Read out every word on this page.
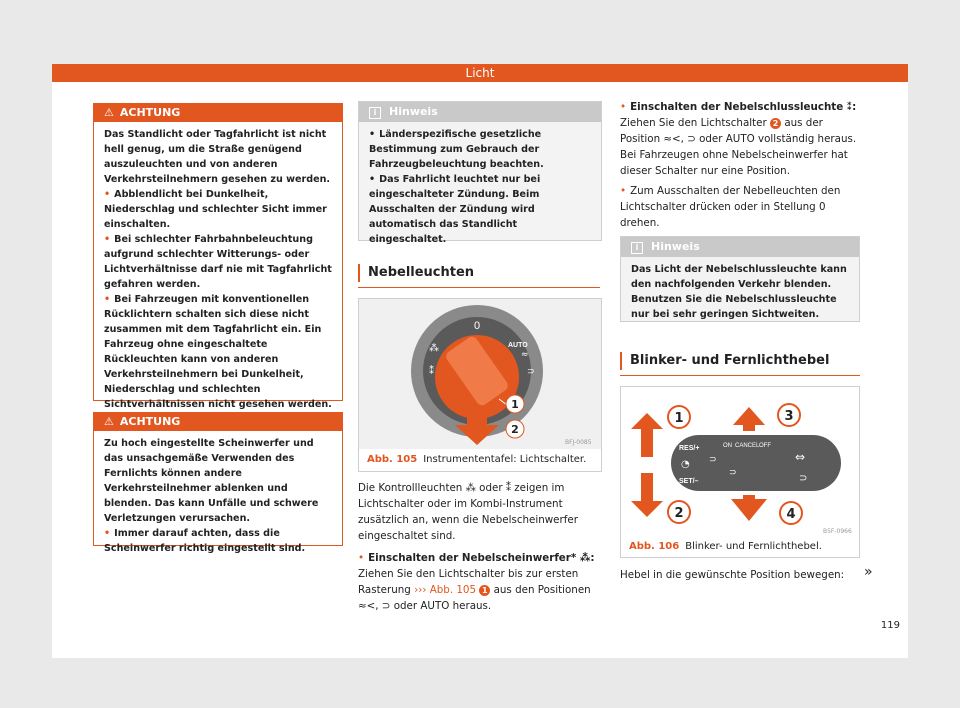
Licht
⚠ ACHTUNG

Das Standlicht oder Tagfahrlicht ist nicht hell genug, um die Straße genügend auszuleuchten und von anderen Verkehrsteilnehmern gesehen zu werden.

• Abblendlicht bei Dunkelheit, Niederschlag und schlechter Sicht immer einschalten.

• Bei schlechter Fahrbahnbeleuchtung aufgrund schlechter Witterungs- oder Lichtverhältnisse darf nie mit Tagfahrlicht gefahren werden.

• Bei Fahrzeugen mit konventionellen Rücklichtern schalten sich diese nicht zusammen mit dem Tagfahrlicht ein. Ein Fahrzeug ohne eingeschaltete Rückleuchten kann von anderen Verkehrsteilnehmern bei Dunkelheit, Niederschlag und schlechten Sichtverhältnissen nicht gesehen werden.

⚠ ACHTUNG

Zu hoch eingestellte Scheinwerfer und das unsachgemäße Verwenden des Fernlichts können andere Verkehrsteilnehmer ablenken und blenden. Das kann Unfälle und schwere Verletzungen verursachen.

• Immer darauf achten, dass die Scheinwerfer richtig eingestellt sind.

i Hinweis

• Länderspezifische gesetzliche Bestimmung zum Gebrauch der Fahrzeugbeleuchtung beachten.

• Das Fahrlicht leuchtet nur bei eingeschalteter Zündung. Beim Ausschalten der Zündung wird automatisch das Standlicht eingeschaltet.

Nebelleuchten
0
AUTO
⁂
⁑
≈
⊃
1
2
BFJ-0085
Abb. 105 Instrumententafel: Lichtschalter.

Die Kontrollleuchten ⁂ oder ⁑ zeigen im Lichtschalter oder im Kombi-Instrument zusätzlich an, wenn die Nebelscheinwerfer eingeschaltet sind.

• Einschalten der Nebelscheinwerfer* ⁂:

Ziehen Sie den Lichtschalter bis zur ersten Rasterung ››› Abb. 105 1 aus den Positionen ≈<, ⊃ oder AUTO heraus.

• Einschalten der Nebelschlussleuchte ⁑:

Ziehen Sie den Lichtschalter 2 aus der Position ≈<, ⊃ oder AUTO vollständig heraus. Bei Fahrzeugen ohne Nebelscheinwerfer hat dieser Schalter nur eine Position.

• Zum Ausschalten der Nebelleuchten den Lichtschalter drücken oder in Stellung 0 drehen.

i Hinweis

Das Licht der Nebelschlussleuchte kann den nachfolgenden Verkehr blenden. Benutzen Sie die Nebelschlussleuchte nur bei sehr geringen Sichtweiten.

Blinker- und Fernlichthebel
RES/+
SET/–
ON CANCEL OFF
◔ ⊃
⊃
⇔
⊃
1
2
3
4
B5F-0966
Abb. 106 Blinker- und Fernlichthebel.
Hebel in die gewünschte Position bewegen:	»
119
